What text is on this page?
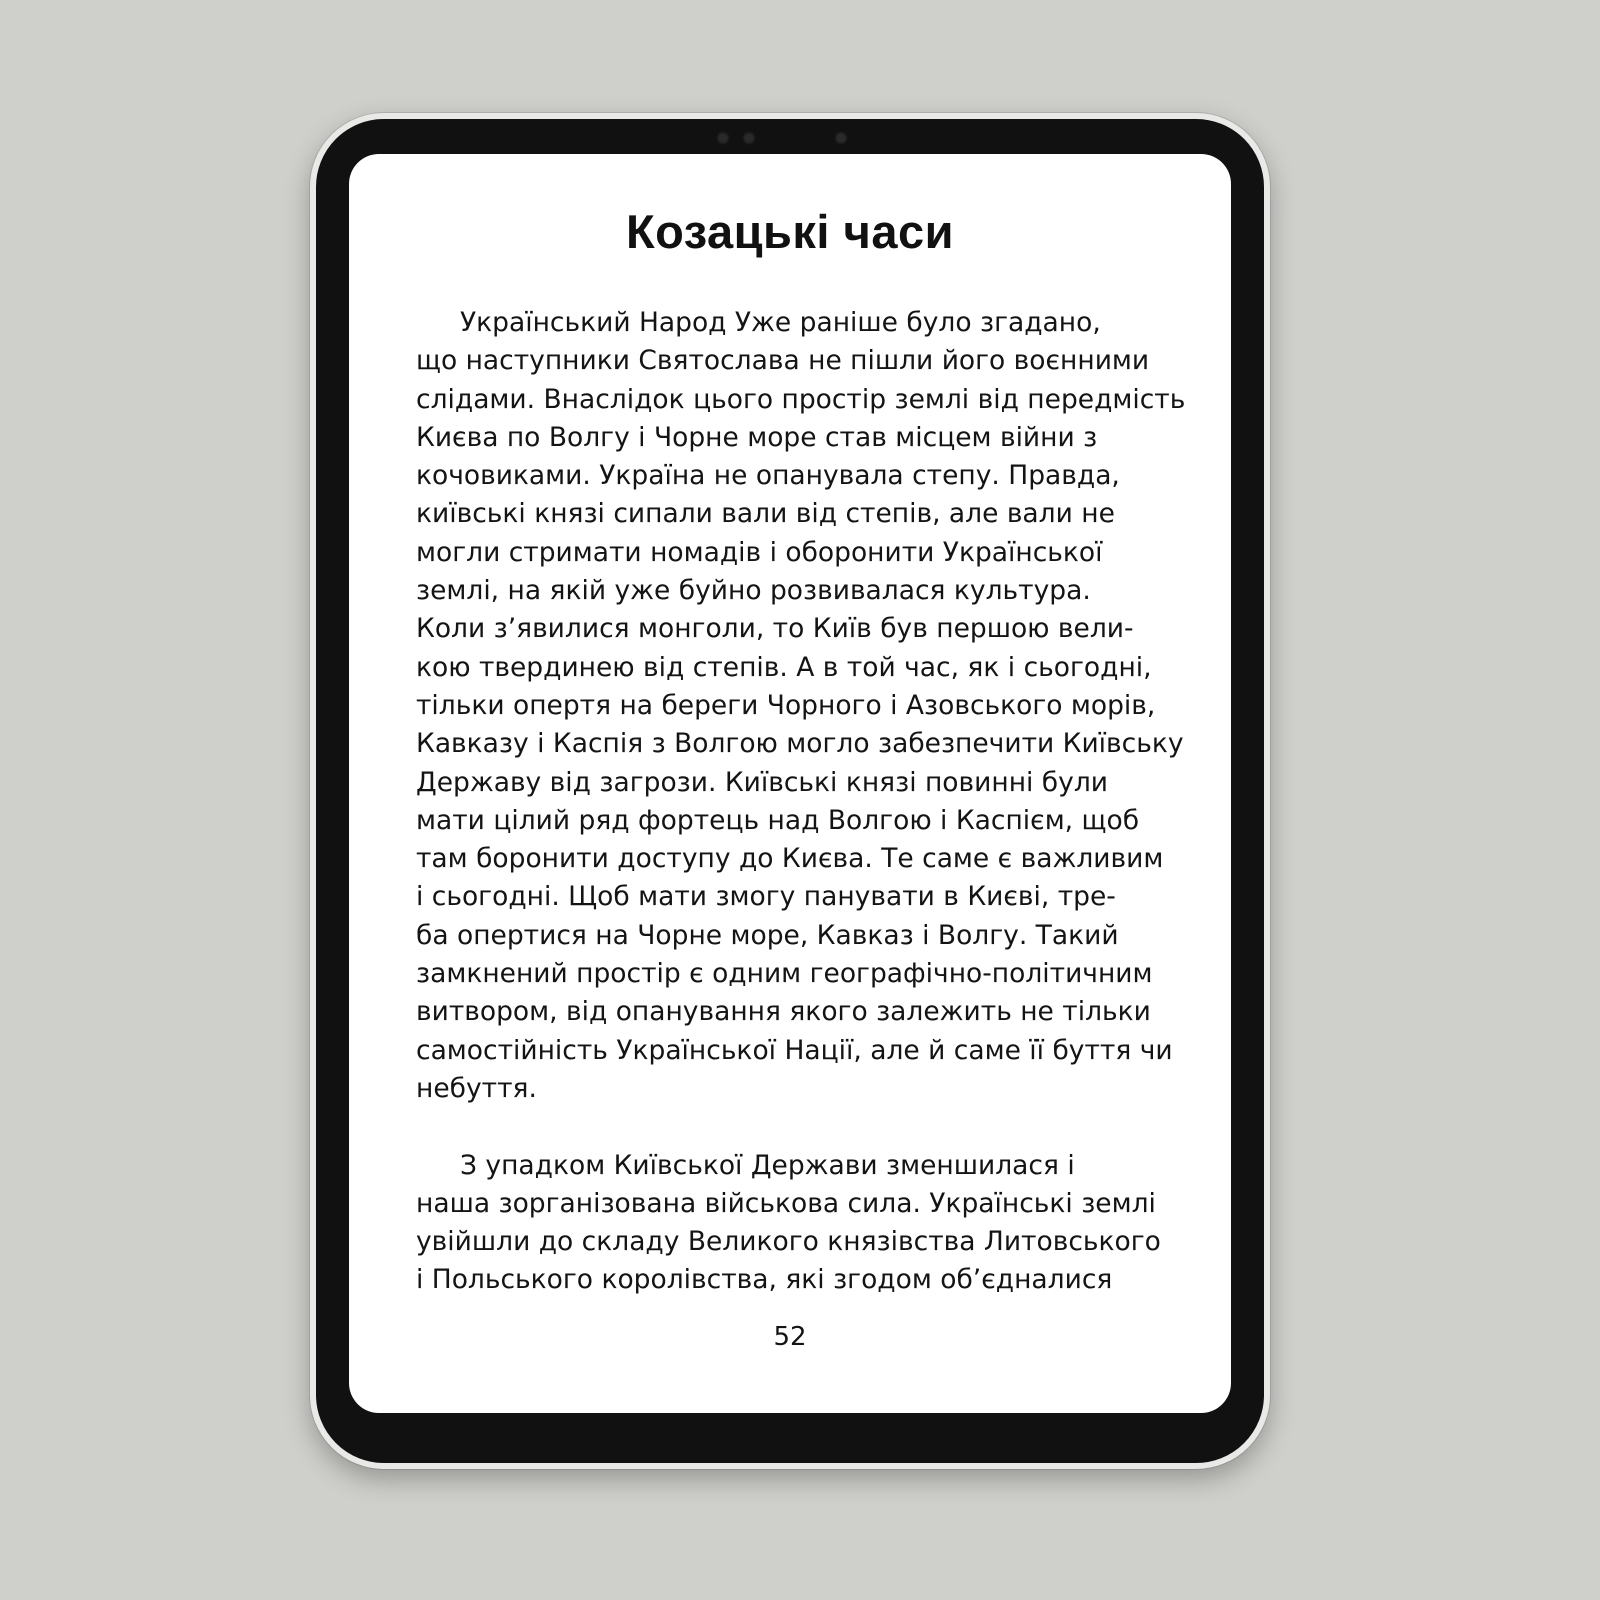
Козацькі часи
Український Народ Уже раніше було згадано,
що наступники Святослава не пішли його воєнними
слідами. Внаслідок цього простір землі від передмість
Києва по Волгу і Чорне море став місцем війни з
кочовиками. Україна не опанувала степу. Правда,
київські князі сипали вали від степів, але вали не
могли стримати номадів і оборонити Української
землі, на якій уже буйно розвивалася культура.
Коли з’явилися монголи, то Київ був першою вели-
кою твердинею від степів. А в той час, як і сьогодні,
тільки опертя на береги Чорного і Азовського морів,
Кавказу і Каспія з Волгою могло забезпечити Київську
Державу від загрози. Київські князі повинні були
мати цілий ряд фортець над Волгою і Каспієм, щоб
там боронити доступу до Києва. Те саме є важливим
і сьогодні. Щоб мати змогу панувати в Києві, тре-
ба опертися на Чорне море, Кавказ і Волгу. Такий
замкнений простір є одним географічно-політичним
витвором, від опанування якого залежить не тільки
самостійність Української Нації, але й саме її буття чи
небуття.
З упадком Київської Держави зменшилася і
наша зорганізована військова сила. Українські землі
увійшли до складу Великого князівства Литовського
і Польського королівства, які згодом об’єдналися
52
